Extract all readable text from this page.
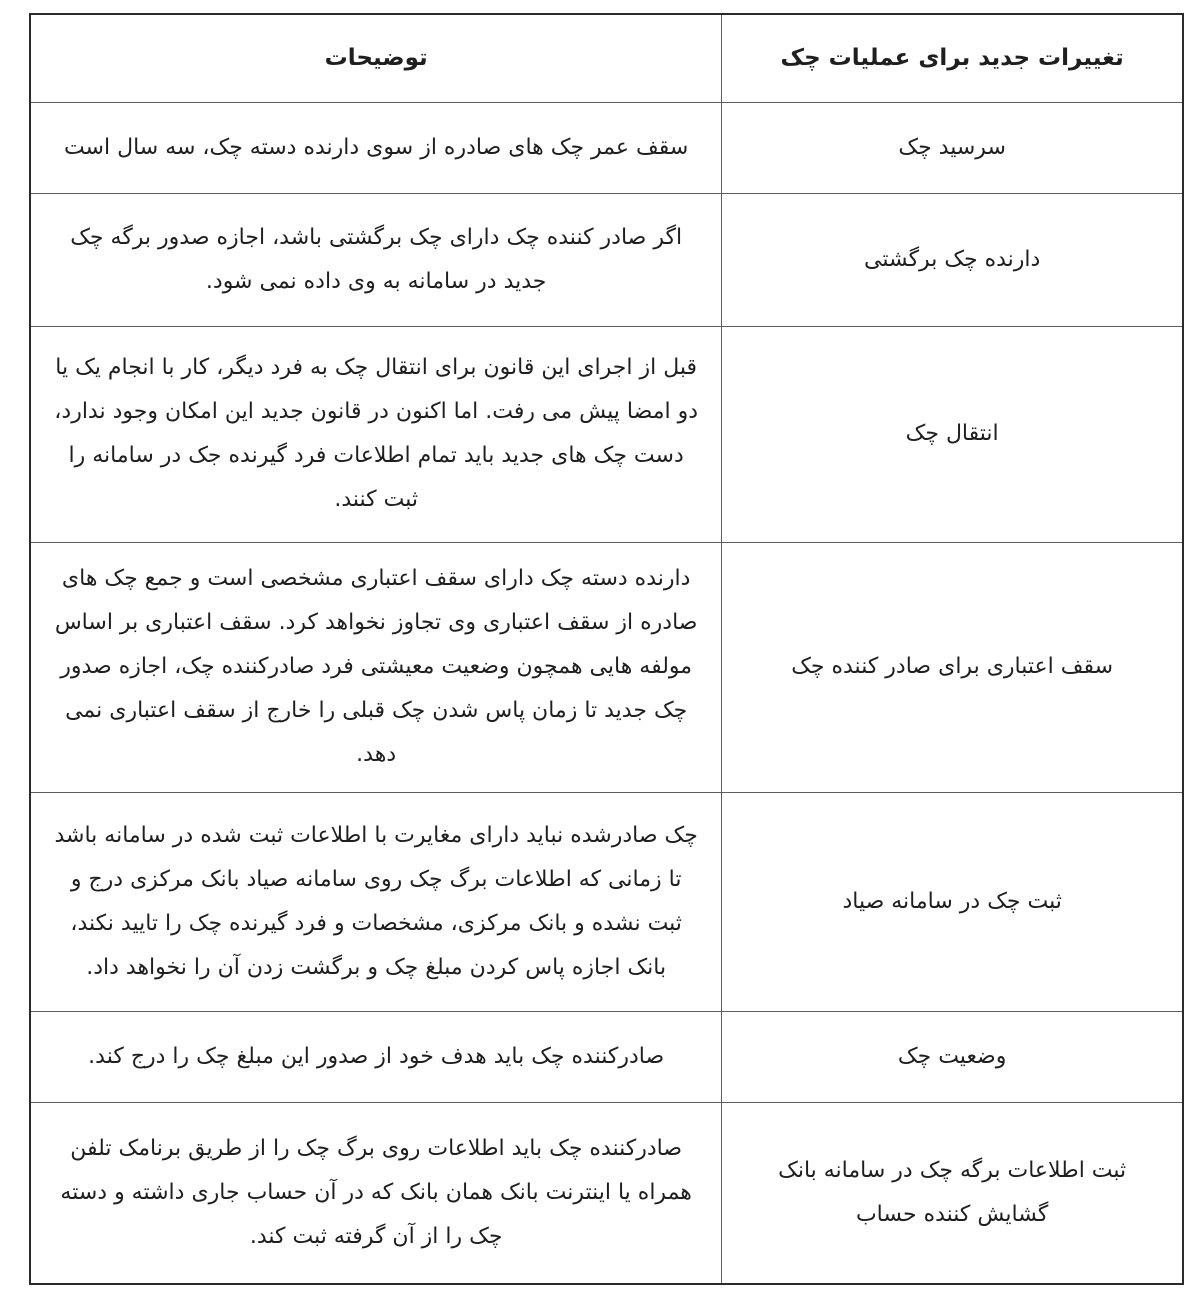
تغییرات جدید برای عملیات چک	توضیحات
سرسید چک	سقف عمر چک های صادره از سوی دارنده دسته چک، سه سال است
دارنده چک برگشتی	اگر صادر کننده چک دارای چک برگشتی باشد، اجازه صدور برگه چک جدید در سامانه به وی داده نمی شود.
انتقال چک	قبل از اجرای این قانون برای انتقال چک به فرد دیگر، کار با انجام یک یا دو امضا پیش می رفت. اما اکنون در قانون جدید این امکان وجود ندارد، دست چک های جدید باید تمام اطلاعات فرد گیرنده جک در سامانه را ثبت کنند.
سقف اعتباری برای صادر کننده چک	دارنده دسته چک دارای سقف اعتباری مشخصی است و جمع چک های صادره از سقف اعتباری وی تجاوز نخواهد کرد. سقف اعتباری بر اساس مولفه هایی همچون وضعیت معیشتی فرد صادرکننده چک، اجازه صدور چک جدید تا زمان پاس شدن چک قبلی را خارج از سقف اعتباری نمی دهد.
ثبت چک در سامانه صیاد	چک صادرشده نباید دارای مغایرت با اطلاعات ثبت شده در سامانه باشد تا زمانی که اطلاعات برگ چک روی سامانه صیاد بانک مرکزی درج و ثبت نشده و بانک مرکزی، مشخصات و فرد گیرنده چک را تایید نکند، بانک اجازه پاس کردن مبلغ چک و برگشت زدن آن را نخواهد داد.
وضعیت چک	صادرکننده چک باید هدف خود از صدور این مبلغ چک را درج کند.
ثبت اطلاعات برگه چک در سامانه بانک گشایش کننده حساب	صادرکننده چک باید اطلاعات روی برگ چک را از طریق برنامک تلفن همراه یا اینترنت بانک همان بانک که در آن حساب جاری داشته و دسته چک را از آن گرفته ثبت کند.
